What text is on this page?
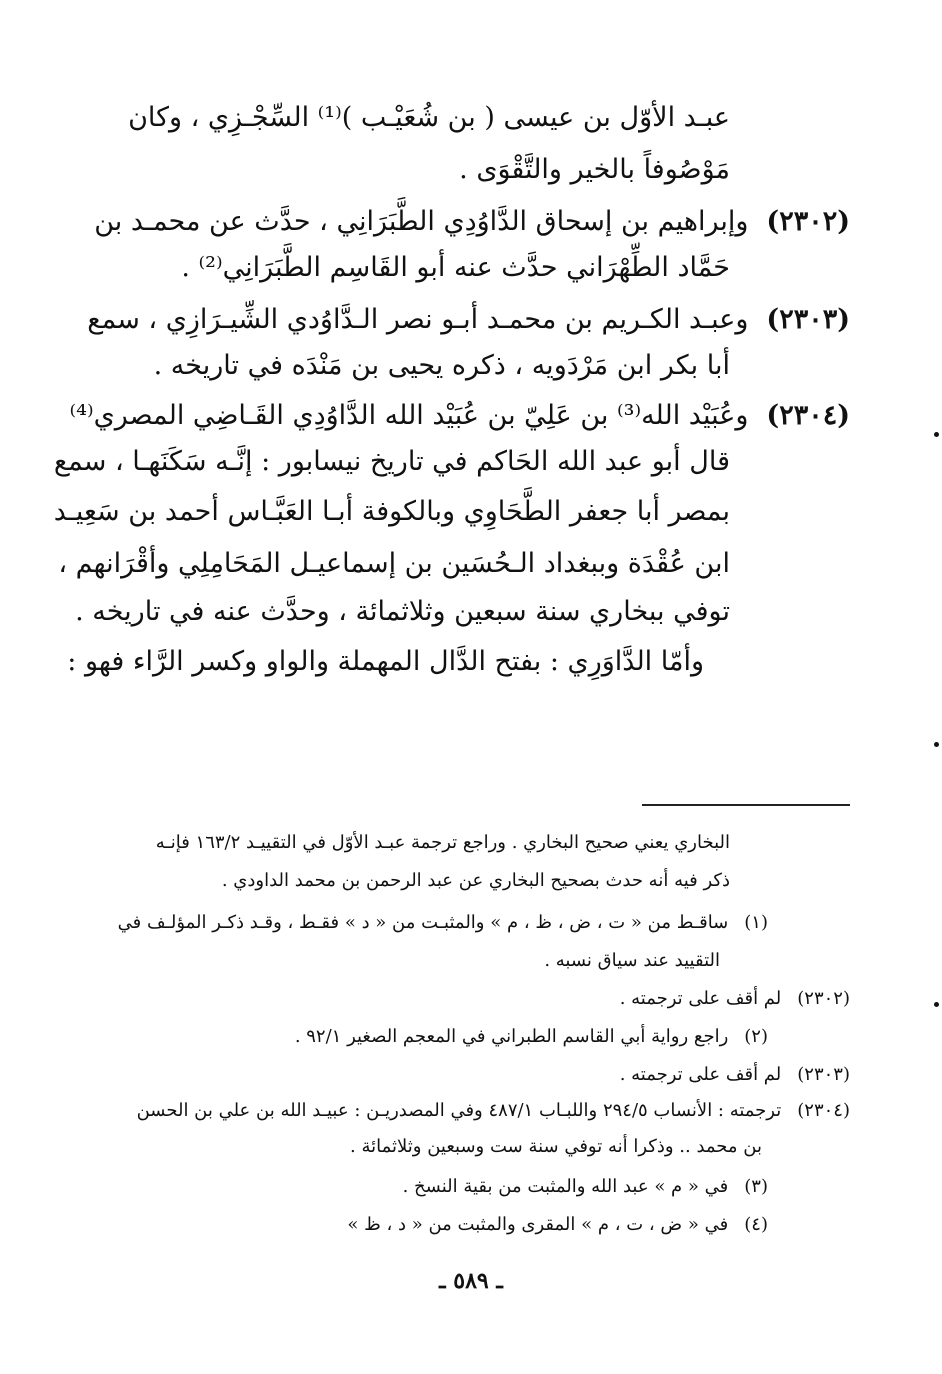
عبـد الأوّل بن عيسى ( بن شُعَيْـب )⁽¹⁾ السِّجْـزِي ، وكان
مَوْصُوفاً بالخير والتَّقْوَى .
(٢٣٠٢)وإبراهيم بن إسحاق الدَّاوُدِي الطَّبَرَانِي ، حدَّث عن محمـد بن
حَمَّاد الطِّهْرَاني حدَّث عنه أبو القَاسِم الطَّبَرَانِي⁽²⁾ .
(٢٣٠٣)وعبـد الكـريم بن محمـد أبـو نصر الـدَّاوُدي الشِّيـرَازِي ، سمع
أبا بكر ابن مَرْدَويه ، ذكره يحيى بن مَنْدَه في تاريخه .
(٢٣٠٤)وعُبَيْد الله⁽³⁾ بن عَلِيّ بن عُبَيْد الله الدَّاوُدِي القَـاضِي المصري⁽⁴⁾
قال أبو عبد الله الحَاكم في تاريخ نيسابور : إنَّـه سَكَنَهـا ، سمع
بمصر أبا جعفر الطَّحَاوِي وبالكوفة أبـا العَبَّـاس أحمد بن سَعِيـد
ابن عُقْدَة وببغداد الـحُسَين بن إسماعيـل المَحَامِلِي وأقْرَانهم ،
توفي ببخاري سنة سبعين وثلاثمائة ، وحدَّث عنه في تاريخه .
وأمّا الدَّاوَرِي : بفتح الدَّال المهملة والواو وكسر الرَّاء فهو :
البخاري يعني صحيح البخاري . وراجع ترجمة عبـد الأوّل في التقييـد ١٦٣/٢ فإنـه
ذكر فيه أنه حدث بصحيح البخاري عن عبد الرحمن بن محمد الداودي .
(١)ساقـط من « ت ، ض ، ظ ، م » والمثبـت من « د » فقـط ، وقـد ذكـر المؤلـف في
التقييد عند سياق نسبه .
(٢٣٠٢)لم أقف على ترجمته .
(٢)راجع رواية أبي القاسم الطبراني في المعجم الصغير ٩٢/١ .
(٢٣٠٣)لم أقف على ترجمته .
(٢٣٠٤)ترجمته : الأنساب ٢٩٤/٥ واللبـاب ٤٨٧/١ وفي المصدريـن : عبيـد الله بن علي بن الحسن
بن محمد .. وذكرا أنه توفي سنة ست وسبعين وثلاثمائة .
(٣)في « م » عبد الله والمثبت من بقية النسخ .
(٤)في « ض ، ت ، م » المقرى والمثبت من « د ، ظ »
ـ ٥٨٩ ـ
